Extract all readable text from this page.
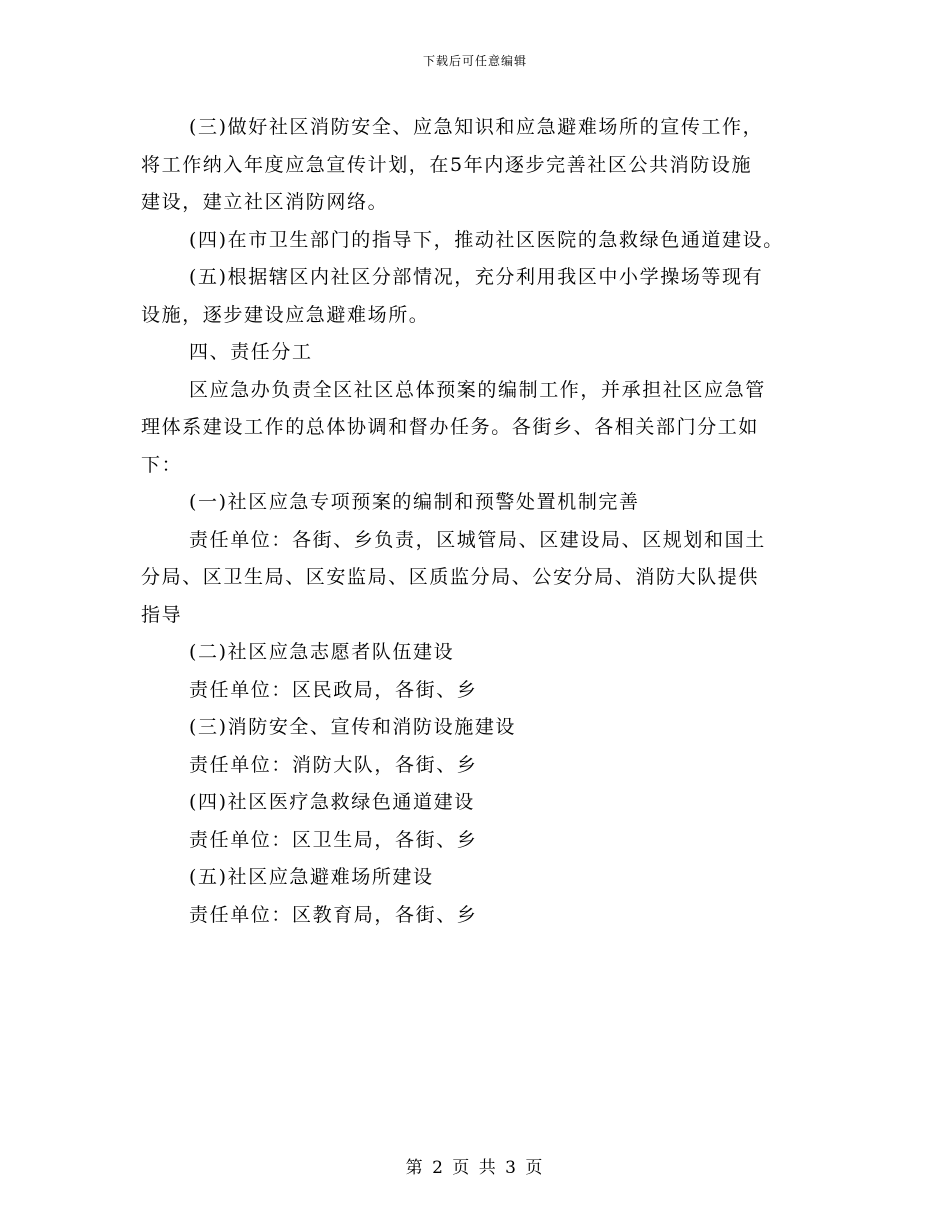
下载后可任意编辑

(三)做好社区消防安全、应急知识和应急避难场所的宣传工作，

将工作纳入年度应急宣传计划，在5年内逐步完善社区公共消防设施

建设，建立社区消防网络。

(四)在市卫生部门的指导下，推动社区医院的急救绿色通道建设。

(五)根据辖区内社区分部情况，充分利用我区中小学操场等现有

设施，逐步建设应急避难场所。

四、责任分工

区应急办负责全区社区总体预案的编制工作，并承担社区应急管

理体系建设工作的总体协调和督办任务。各街乡、各相关部门分工如

下：

(一)社区应急专项预案的编制和预警处置机制完善

责任单位：各街、乡负责，区城管局、区建设局、区规划和国土

分局、区卫生局、区安监局、区质监分局、公安分局、消防大队提供

指导

(二)社区应急志愿者队伍建设

责任单位：区民政局，各街、乡

(三)消防安全、宣传和消防设施建设

责任单位：消防大队，各街、乡

(四)社区医疗急救绿色通道建设

责任单位：区卫生局，各街、乡

(五)社区应急避难场所建设

责任单位：区教育局，各街、乡

第 2 页 共 3 页
